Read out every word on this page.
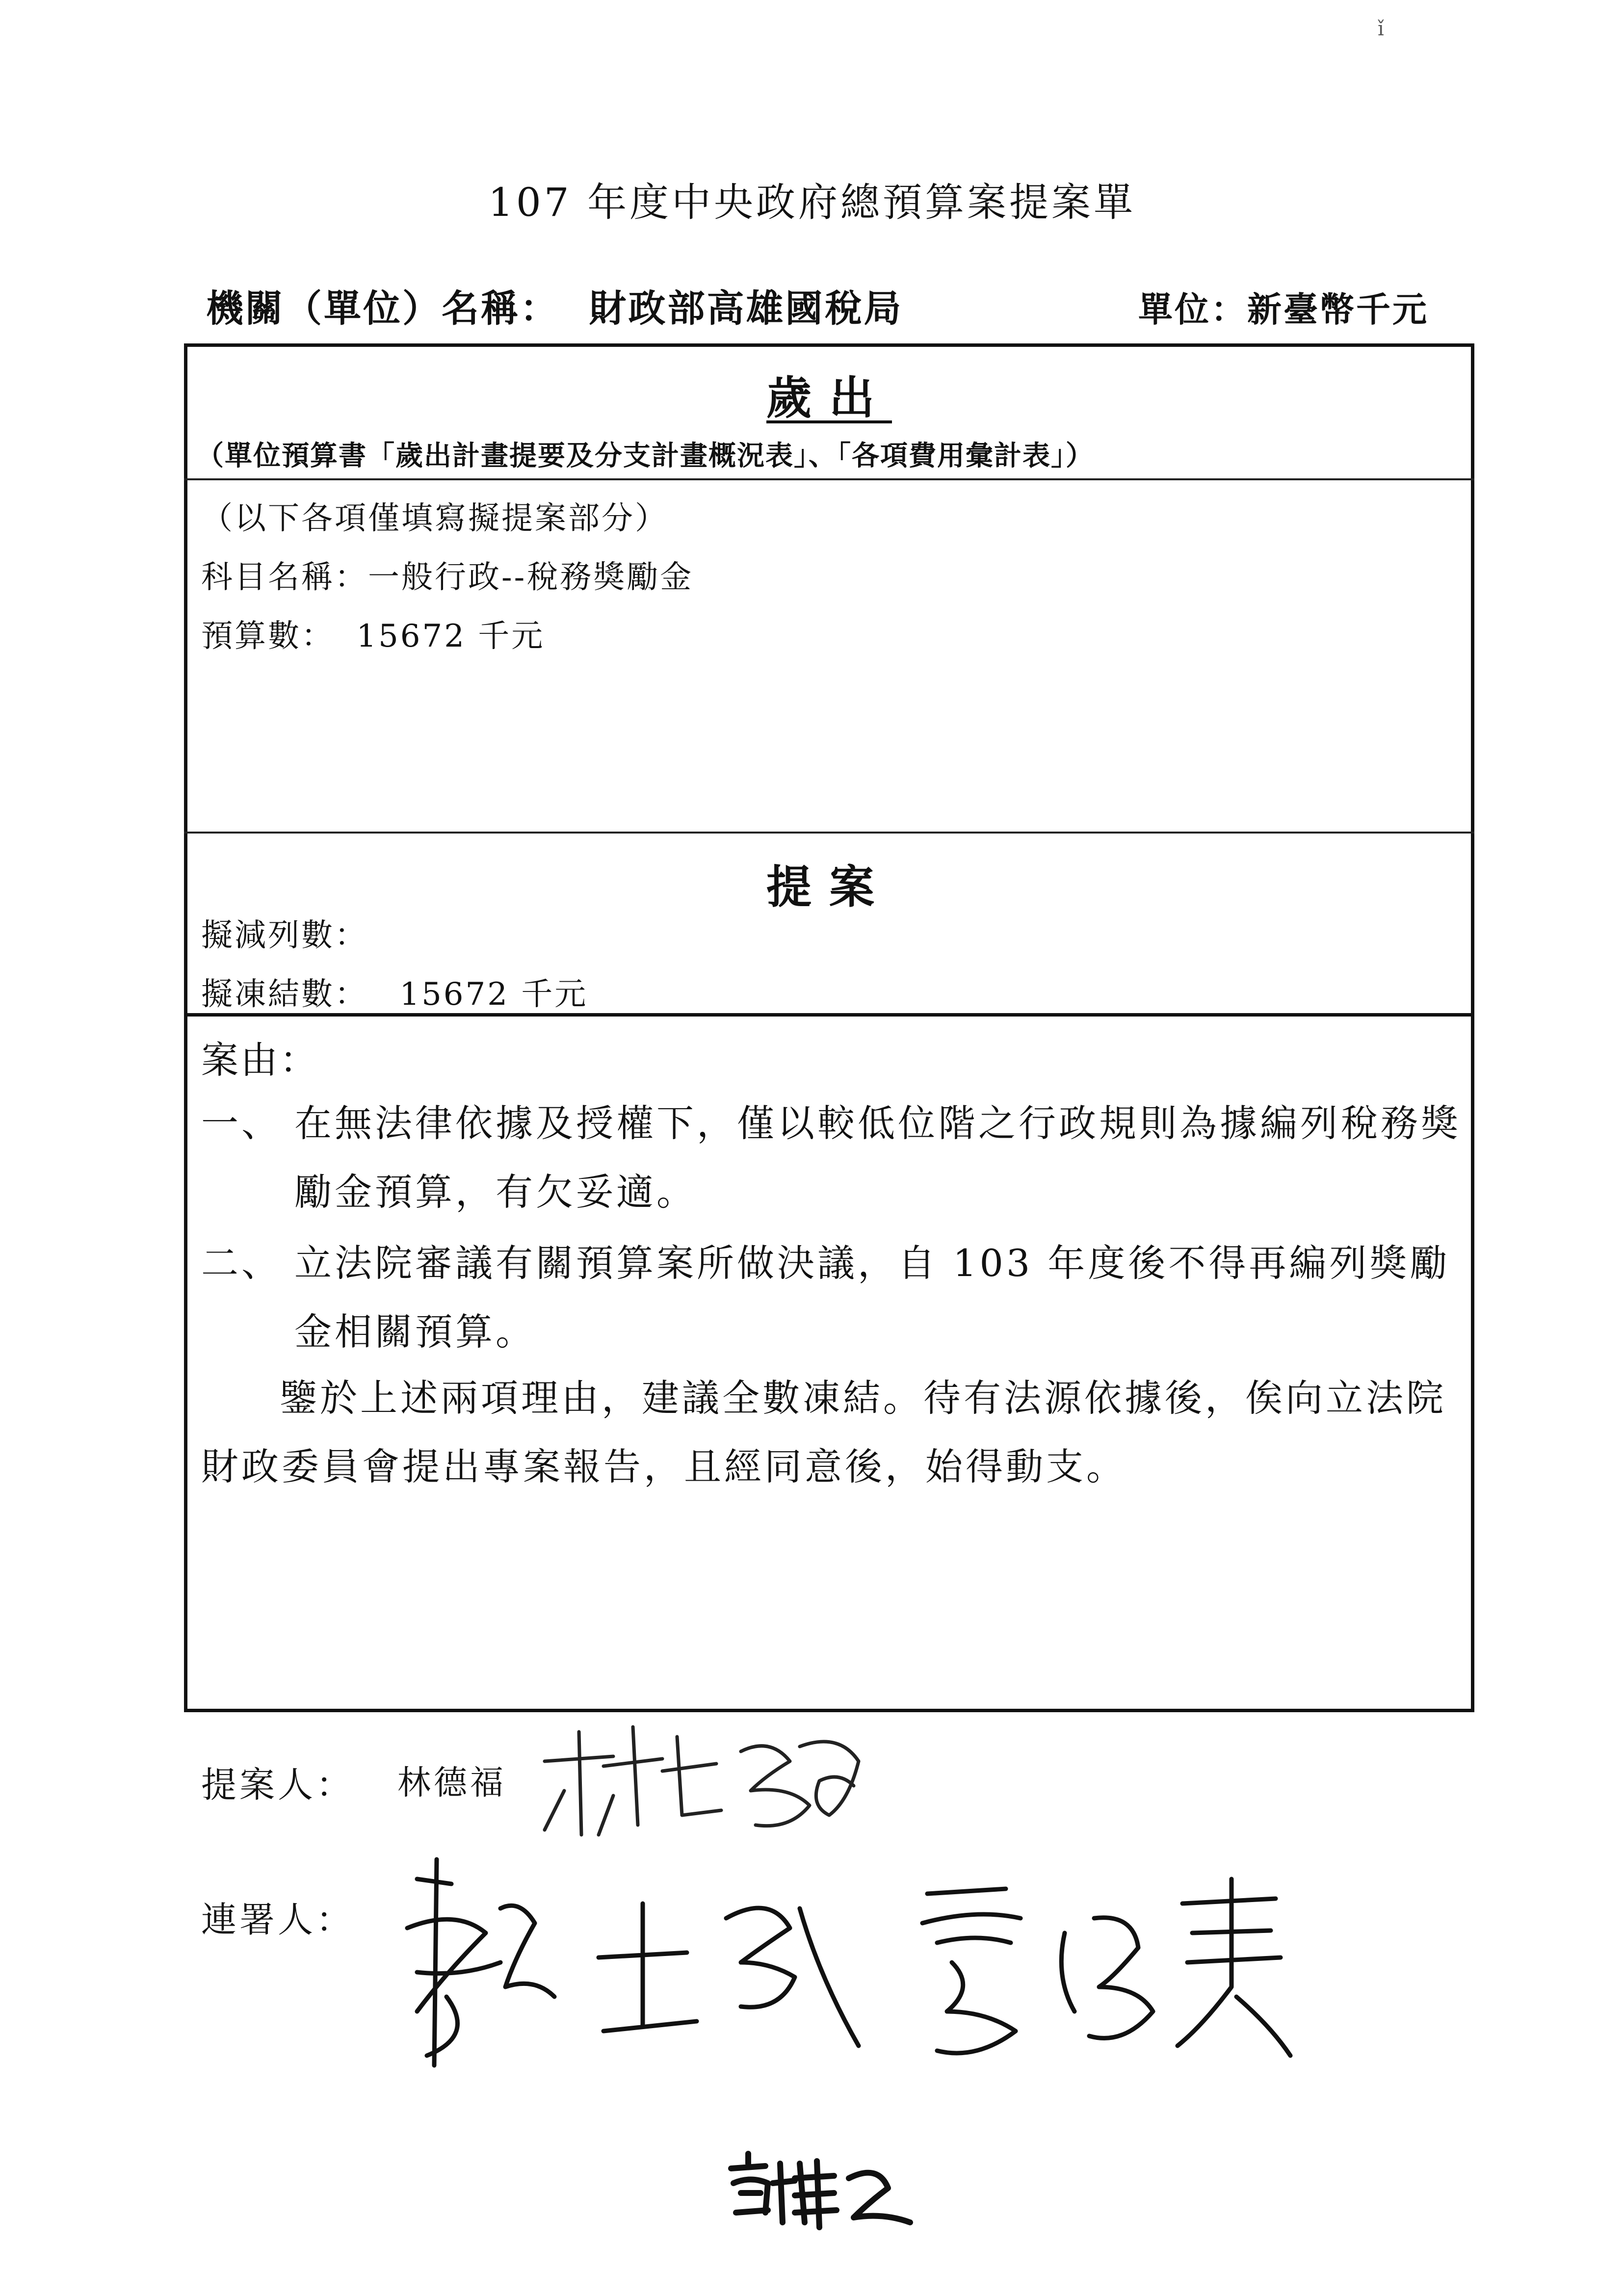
ǐ
107 年度中央政府總預算案提案單
機關（單位）名稱： 財政部高雄國稅局	單位：新臺幣千元
歲出
（單位預算書「歲出計畫提要及分支計畫概況表」、「各項費用彙計表」）
（以下各項僅填寫擬提案部分）
科目名稱：一般行政--稅務獎勵金
預算數： 15672 千元
提案
擬減列數：
擬凍結數： 15672 千元
案由：
一、 在無法律依據及授權下，僅以較低位階之行政規則為據編列稅務獎勵金預算，有欠妥適。
二、 立法院審議有關預算案所做決議，自 103 年度後不得再編列獎勵金相關預算。
鑒於上述兩項理由，建議全數凍結。待有法源依據後，俟向立法院財政委員會提出專案報告，且經同意後，始得動支。
提案人： 林德福
連署人：
